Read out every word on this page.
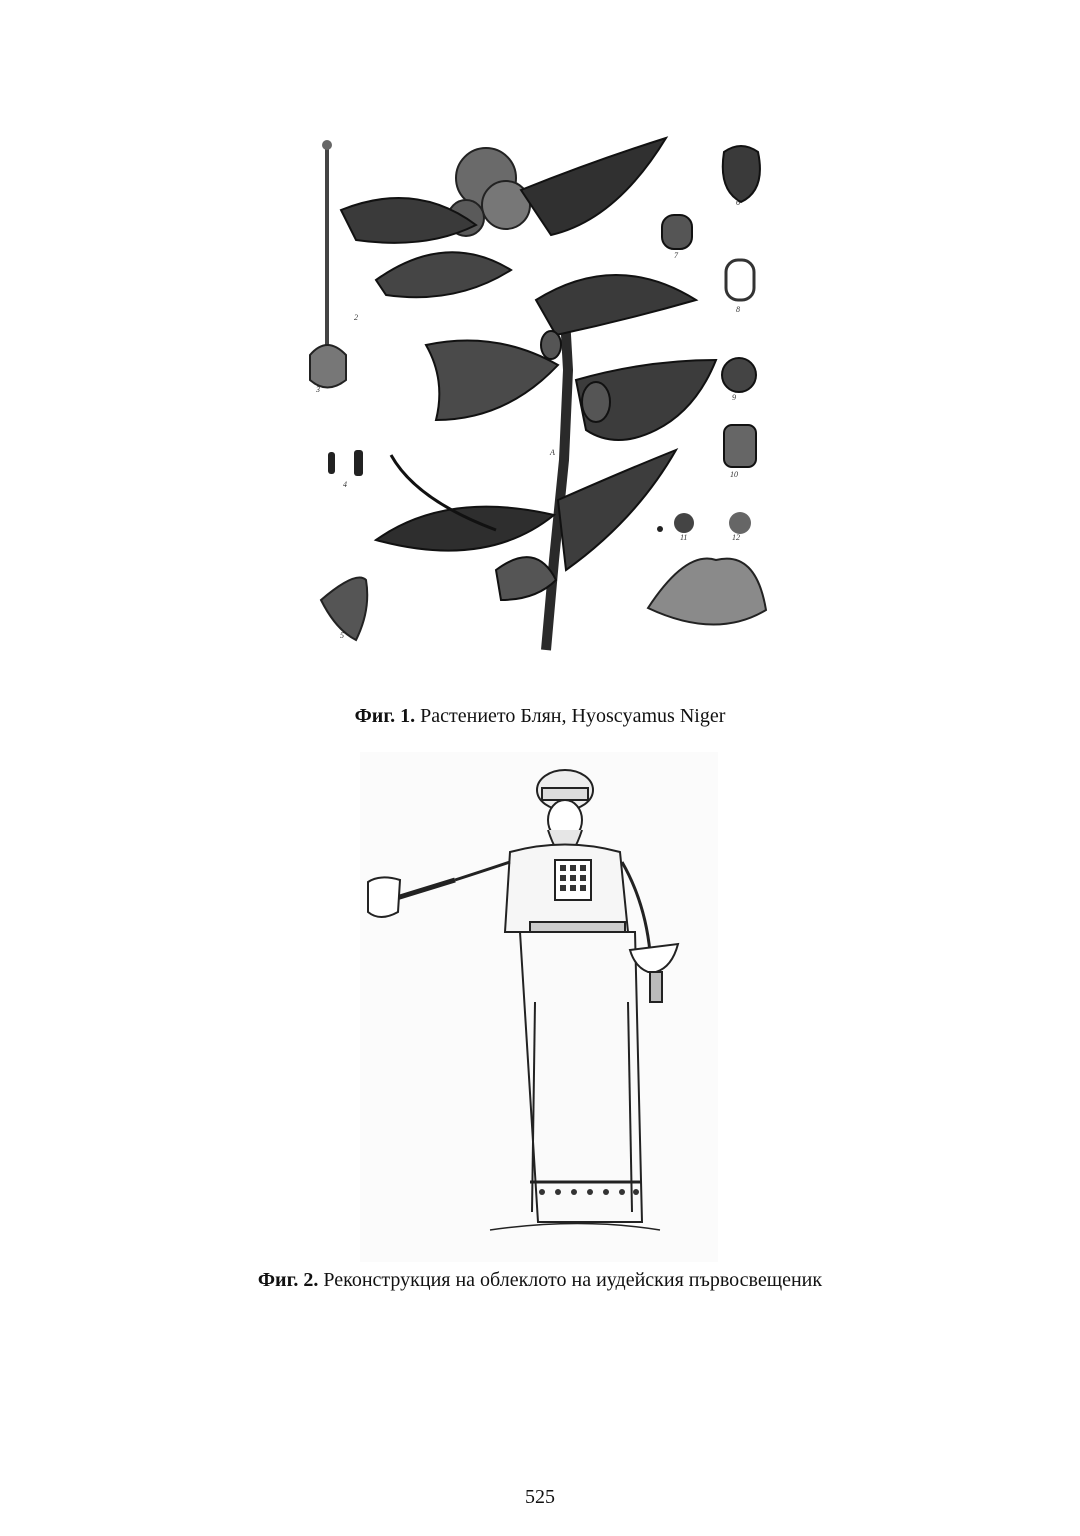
2
3
4
5
6
7
8
9
10
11	12
A
Фиг. 1. Растението Блян, Hyoscyamus Niger
Фиг. 2. Реконструкция на облеклото на иудейския първосвещеник
525
